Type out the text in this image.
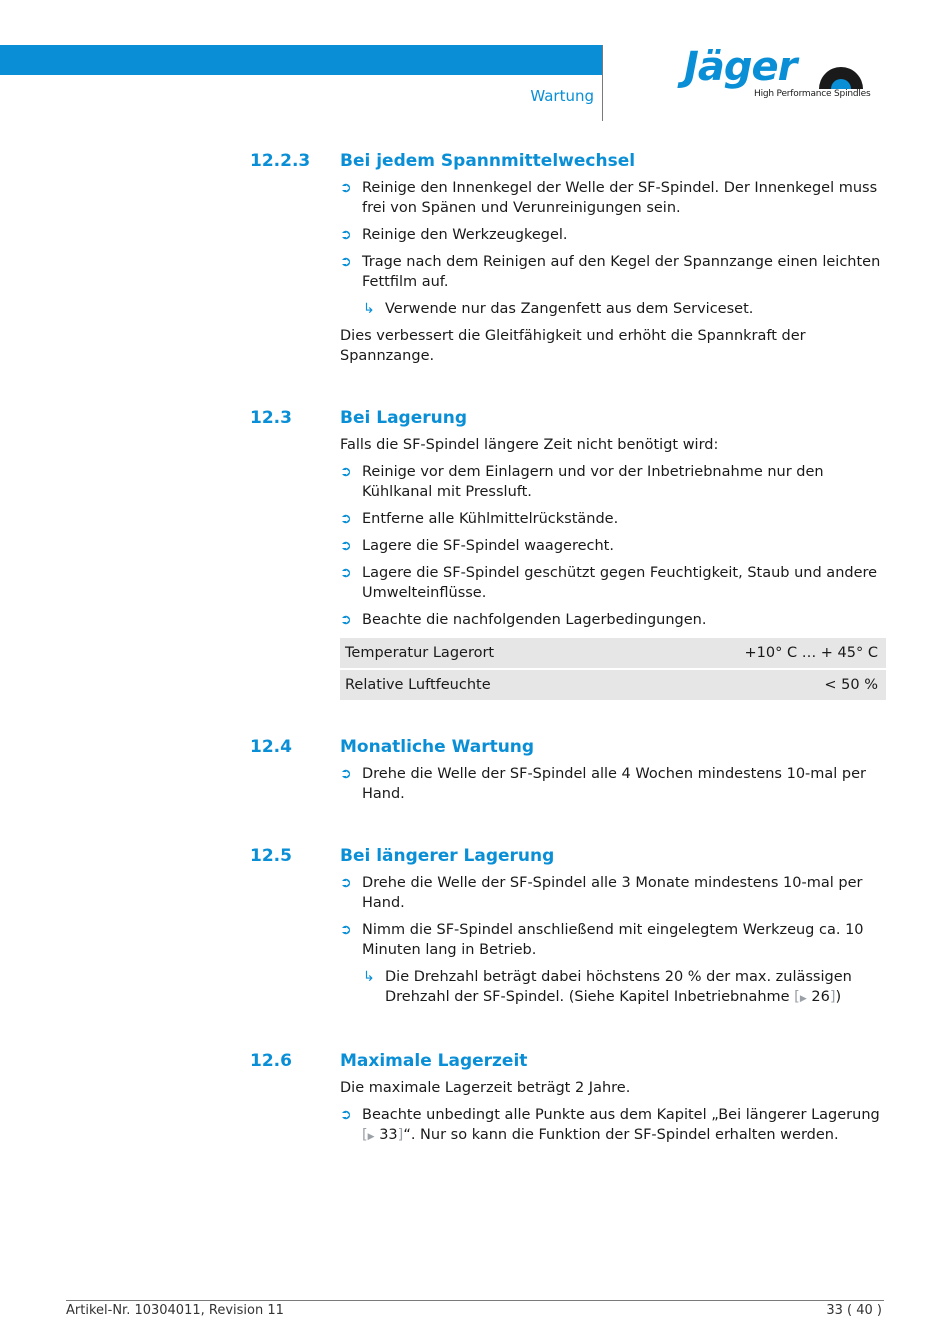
Wartung
Jäger
High Performance Spindles
12.2.3 Bei jedem Spannmittelwechsel
➲ Reinige den Innenkegel der Welle der SF-Spindel. Der Innenkegel muss frei von Spänen und Verunreinigungen sein.
➲ Reinige den Werkzeugkegel.
➲ Trage nach dem Reinigen auf den Kegel der Spannzange einen leichten Fettfilm auf.
↳ Verwende nur das Zangenfett aus dem Serviceset.
Dies verbessert die Gleitfähigkeit und erhöht die Spannkraft der Spannzange.
12.3	Bei Lagerung
Falls die SF-Spindel längere Zeit nicht benötigt wird:
➲ Reinige vor dem Einlagern und vor der Inbetriebnahme nur den Kühlkanal mit Pressluft.
➲ Entferne alle Kühlmittelrückstände.
➲ Lagere die SF-Spindel waagerecht.
➲ Lagere die SF-Spindel geschützt gegen Feuchtigkeit, Staub und andere Umwelteinflüsse.
➲ Beachte die nachfolgenden Lagerbedingungen.
Temperatur Lagerort	+10° C … + 45° C
Relative Luftfeuchte	< 50 %
12.4	Monatliche Wartung
➲ Drehe die Welle der SF-Spindel alle 4 Wochen mindestens 10-mal per Hand.
12.5	Bei längerer Lagerung
➲ Drehe die Welle der SF-Spindel alle 3 Monate mindestens 10-mal per Hand.
➲ Nimm die SF-Spindel anschließend mit eingelegtem Werkzeug ca. 10 Minuten lang in Betrieb.
↳ Die Drehzahl beträgt dabei höchstens 20 % der max. zulässigen Drehzahl der SF-Spindel. (Siehe Kapitel Inbetriebnahme [▶ 26])
12.6	Maximale Lagerzeit
Die maximale Lagerzeit beträgt 2 Jahre.
➲ Beachte unbedingt alle Punkte aus dem Kapitel „Bei längerer Lagerung [▶ 33]“. Nur so kann die Funktion der SF-Spindel erhalten werden.
Artikel-Nr. 10304011, Revision 11	33 ( 40 )
